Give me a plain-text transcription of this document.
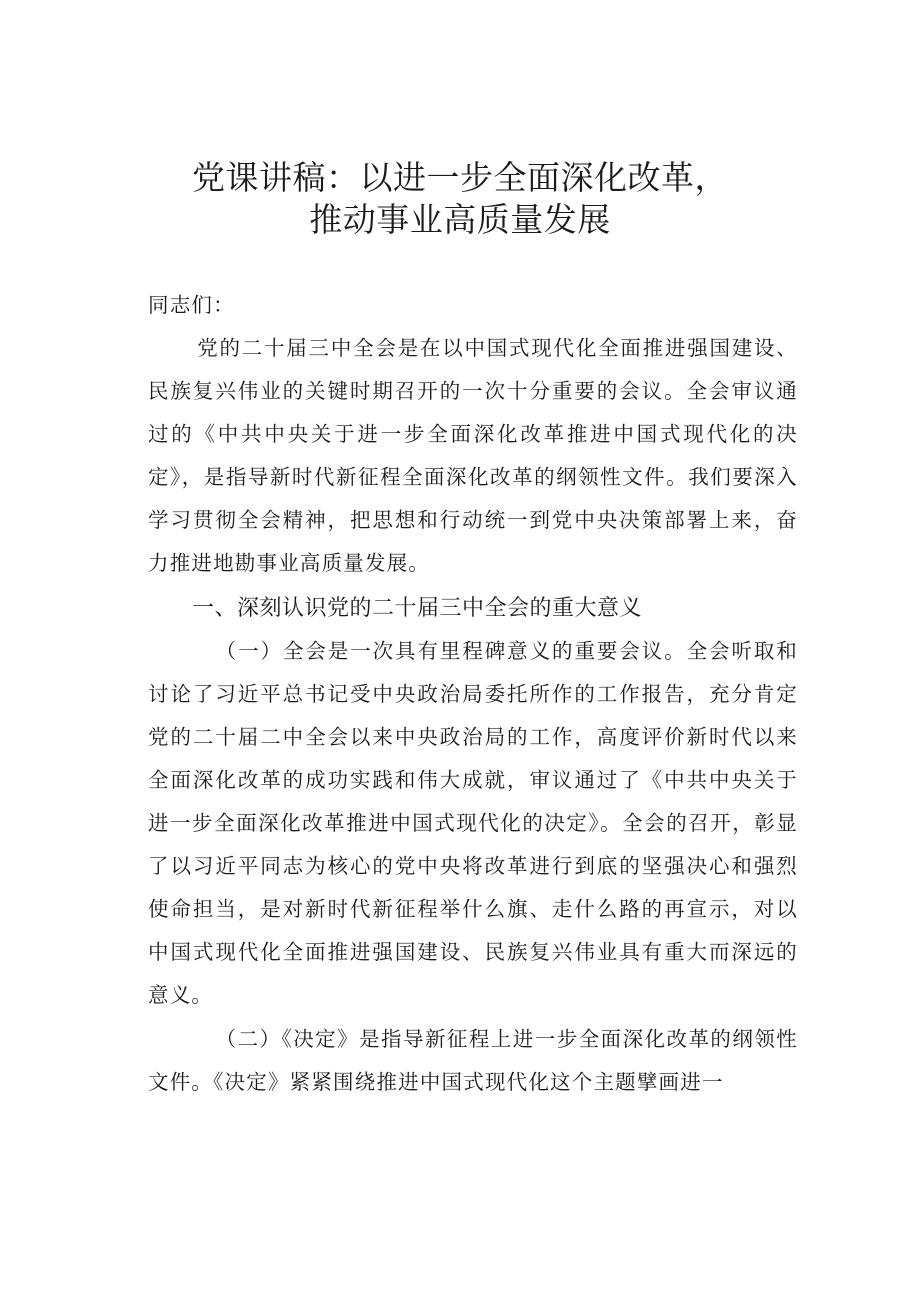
党课讲稿：以进一步全面深化改革，
推动事业高质量发展
同志们：
党的二十届三中全会是在以中国式现代化全面推进强国建设、民族复兴伟业的关键时期召开的一次十分重要的会议。全会审议通过的《中共中央关于进一步全面深化改革推进中国式现代化的决定》，是指导新时代新征程全面深化改革的纲领性文件。我们要深入学习贯彻全会精神，把思想和行动统一到党中央决策部署上来，奋力推进地勘事业高质量发展。
一、深刻认识党的二十届三中全会的重大意义
（一）全会是一次具有里程碑意义的重要会议。全会听取和讨论了习近平总书记受中央政治局委托所作的工作报告，充分肯定党的二十届二中全会以来中央政治局的工作，高度评价新时代以来全面深化改革的成功实践和伟大成就，审议通过了《中共中央关于进一步全面深化改革推进中国式现代化的决定》。全会的召开，彰显了以习近平同志为核心的党中央将改革进行到底的坚强决心和强烈使命担当，是对新时代新征程举什么旗、走什么路的再宣示，对以中国式现代化全面推进强国建设、民族复兴伟业具有重大而深远的意义。
（二）《决定》是指导新征程上进一步全面深化改革的纲领性文件。《决定》紧紧围绕推进中国式现代化这个主题擘画进一
